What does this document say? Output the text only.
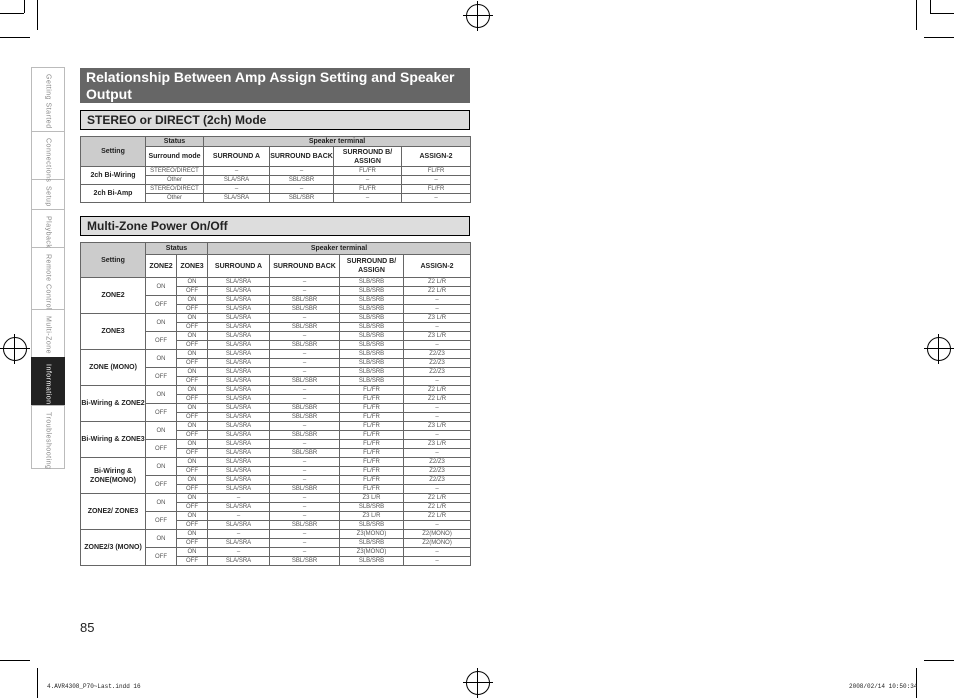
Getting Started
Connections
Setup
Playback
Remote Control
Multi-Zone
Information
Troubleshooting
Relationship Between Amp Assign Setting and Speaker Output
STEREO or DIRECT (2ch) Mode
Setting	Status	Speaker terminal			
	Surround mode	SURROUND A	SURROUND BACK	SURROUND B/ ASSIGN	ASSIGN-2
2ch Bi-Wiring	STEREO/DIRECT	–	–	FL/FR	FL/FR
	Other	SLA/SRA	SBL/SBR	–	–
2ch Bi-Amp	STEREO/DIRECT	–	–	FL/FR	FL/FR
	Other	SLA/SRA	SBL/SBR	–	–
Multi-Zone Power On/Off
Setting	Status		Speaker terminal			
	ZONE2	ZONE3	SURROUND A	SURROUND BACK	SURROUND B/ ASSIGN	ASSIGN-2
ZONE2	ON	ON	SLA/SRA	–	SLB/SRB	Z2 L/R
		OFF	SLA/SRA	–	SLB/SRB	Z2 L/R
	OFF	ON	SLA/SRA	SBL/SBR	SLB/SRB	–
		OFF	SLA/SRA	SBL/SBR	SLB/SRB	–
ZONE3	ON	ON	SLA/SRA	–	SLB/SRB	Z3 L/R
		OFF	SLA/SRA	SBL/SBR	SLB/SRB	–
	OFF	ON	SLA/SRA	–	SLB/SRB	Z3 L/R
		OFF	SLA/SRA	SBL/SBR	SLB/SRB	–
ZONE (MONO)	ON	ON	SLA/SRA	–	SLB/SRB	Z2/Z3
		OFF	SLA/SRA	–	SLB/SRB	Z2/Z3
	OFF	ON	SLA/SRA	–	SLB/SRB	Z2/Z3
		OFF	SLA/SRA	SBL/SBR	SLB/SRB	–
Bi-Wiring & ZONE2	ON	ON	SLA/SRA	–	FL/FR	Z2 L/R
		OFF	SLA/SRA	–	FL/FR	Z2 L/R
	OFF	ON	SLA/SRA	SBL/SBR	FL/FR	–
		OFF	SLA/SRA	SBL/SBR	FL/FR	–
Bi-Wiring & ZONE3	ON	ON	SLA/SRA	–	FL/FR	Z3 L/R
		OFF	SLA/SRA	SBL/SBR	FL/FR	–
	OFF	ON	SLA/SRA	–	FL/FR	Z3 L/R
		OFF	SLA/SRA	SBL/SBR	FL/FR	–
Bi-Wiring & ZONE(MONO)	ON	ON	SLA/SRA	–	FL/FR	Z2/Z3
		OFF	SLA/SRA	–	FL/FR	Z2/Z3
	OFF	ON	SLA/SRA	–	FL/FR	Z2/Z3
		OFF	SLA/SRA	SBL/SBR	FL/FR	–
ZONE2/ ZONE3	ON	ON	–	–	Z3 L/R	Z2 L/R
		OFF	SLA/SRA	–	SLB/SRB	Z2 L/R
	OFF	ON	–	–	Z3 L/R	Z2 L/R
		OFF	SLA/SRA	SBL/SBR	SLB/SRB	–
ZONE2/3 (MONO)	ON	ON	–	–	Z3(MONO)	Z2(MONO)
		OFF	SLA/SRA	–	SLB/SRB	Z2(MONO)
	OFF	ON	–	–	Z3(MONO)	–
		OFF	SLA/SRA	SBL/SBR	SLB/SRB	–
85
4.AVR4308_P70~Last.indd 16	2008/02/14 10:50:34
